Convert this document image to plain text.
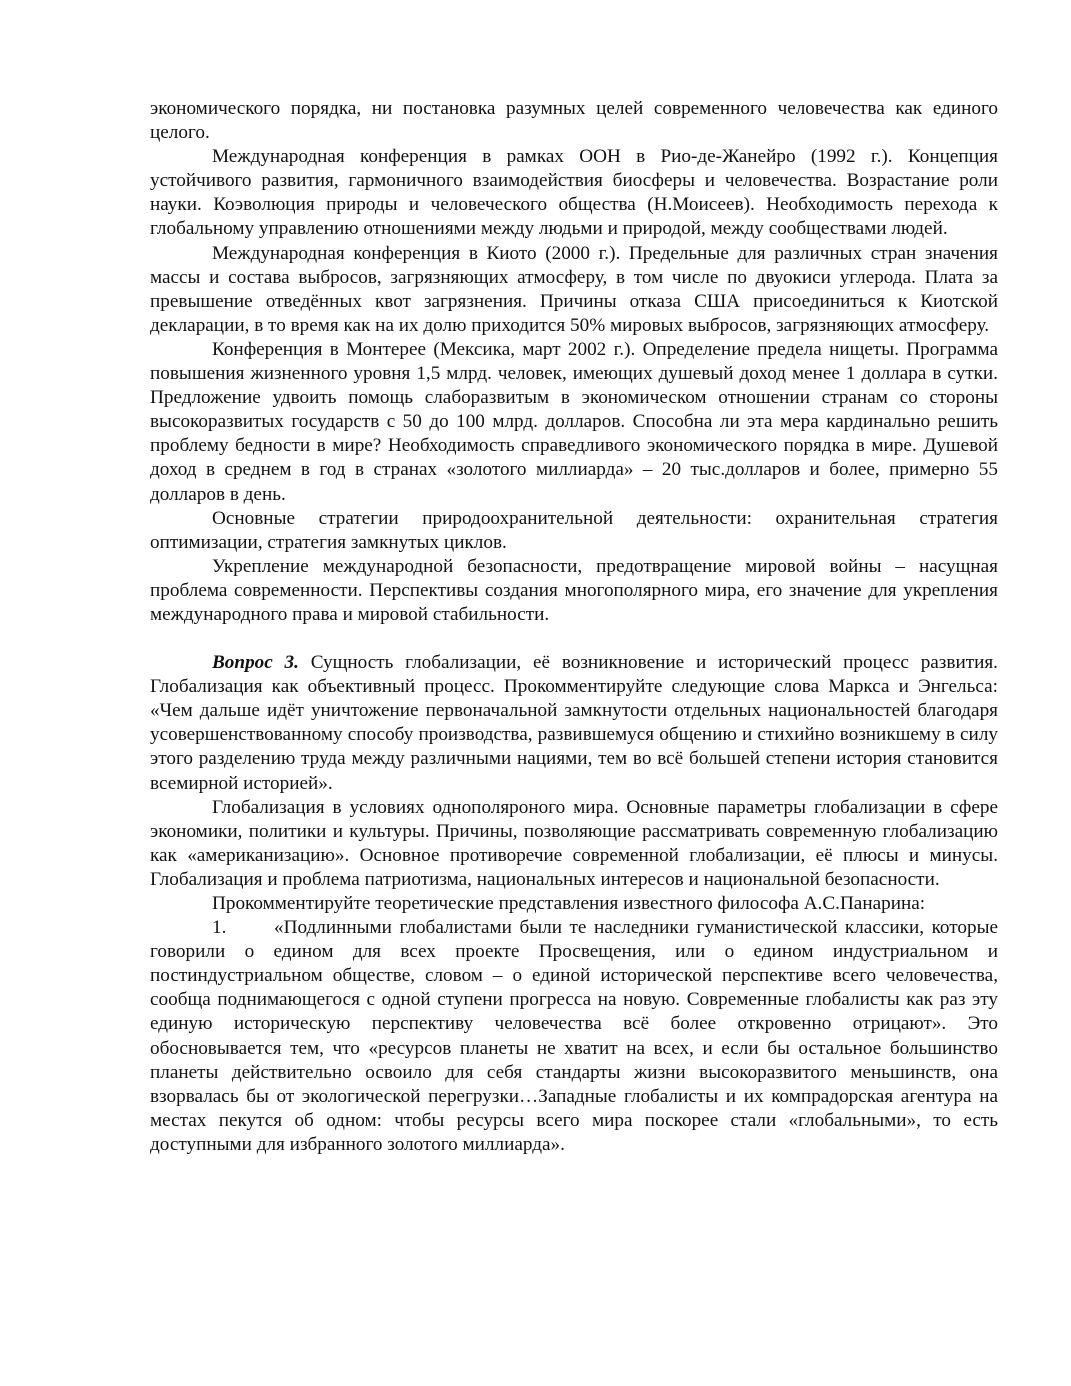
экономического порядка, ни постановка разумных целей современного человечества как единого целого.

Международная конференция в рамках ООН в Рио-де-Жанейро (1992 г.). Концепция устойчивого развития, гармоничного взаимодействия биосферы и человечества. Возрастание роли науки. Коэволюция природы и человеческого общества (Н.Моисеев). Необходимость перехода к глобальному управлению отношениями между людьми и природой, между сообществами людей.

Международная конференция в Киото (2000 г.). Предельные для различных стран значения массы и состава выбросов, загрязняющих атмосферу, в том числе по двуокиси углерода. Плата за превышение отведённых квот загрязнения. Причины отказа США присоединиться к Киотской декларации, в то время как на их долю приходится 50% мировых выбросов, загрязняющих атмосферу.

Конференция в Монтерее (Мексика, март 2002 г.). Определение предела нищеты. Программа повышения жизненного уровня 1,5 млрд. человек, имеющих душевый доход менее 1 доллара в сутки. Предложение удвоить помощь слаборазвитым в экономическом отношении странам со стороны высокоразвитых государств с 50 до 100 млрд. долларов. Способна ли эта мера кардинально решить проблему бедности в мире? Необходимость справедливого экономического порядка в мире. Душевой доход в среднем в год в странах «золотого миллиарда» – 20 тыс.долларов и более, примерно 55 долларов в день.

Основные стратегии природоохранительной деятельности: охранительная стратегия оптимизации, стратегия замкнутых циклов.

Укрепление международной безопасности, предотвращение мировой войны – насущная проблема современности. Перспективы создания многополярного мира, его значение для укрепления международного права и мировой стабильности.

Вопрос 3. Сущность глобализации, её возникновение и исторический процесс развития. Глобализация как объективный процесс. Прокомментируйте следующие слова Маркса и Энгельса: «Чем дальше идёт уничтожение первоначальной замкнутости отдельных национальностей благодаря усовершенствованному способу производства, развившемуся общению и стихийно возникшему в силу этого разделению труда между различными нациями, тем во всё большей степени история становится всемирной историей».

Глобализация в условиях однополяроного мира. Основные параметры глобализации в сфере экономики, политики и культуры. Причины, позволяющие рассматривать современную глобализацию как «американизацию». Основное противоречие современной глобализации, её плюсы и минусы. Глобализация и проблема патриотизма, национальных интересов и национальной безопасности.

Прокомментируйте теоретические представления известного философа А.С.Панарина:

1. «Подлинными глобалистами были те наследники гуманистической классики, которые говорили о едином для всех проекте Просвещения, или о едином индустриальном и постиндустриальном обществе, словом – о единой исторической перспективе всего человечества, сообща поднимающегося с одной ступени прогресса на новую. Современные глобалисты как раз эту единую историческую перспективу человечества всё более откровенно отрицают». Это обосновывается тем, что «ресурсов планеты не хватит на всех, и если бы остальное большинство планеты действительно освоило для себя стандарты жизни высокоразвитого меньшинств, она взорвалась бы от экологической перегрузки…Западные глобалисты и их компрадорская агентура на местах пекутся об одном: чтобы ресурсы всего мира поскорее стали «глобальными», то есть доступными для избранного золотого миллиарда».
